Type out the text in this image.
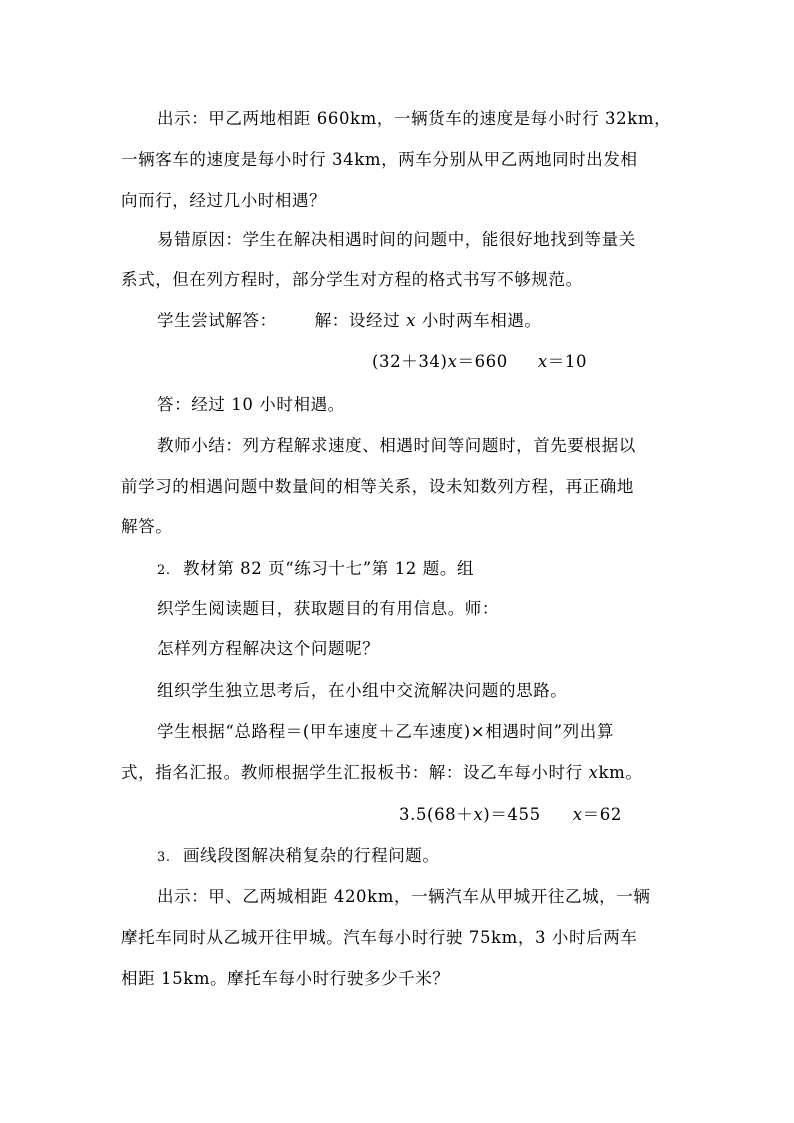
出示：甲乙两地相距 660km，一辆货车的速度是每小时行 32km，
一辆客车的速度是每小时行 34km，两车分别从甲乙两地同时出发相
向而行，经过几小时相遇？
易错原因：学生在解决相遇时间的问题中，能很好地找到等量关
系式，但在列方程时，部分学生对方程的格式书写不够规范。
学生尝试解答： 解：设经过 x 小时两车相遇。
(32＋34)x＝660 x＝10
答：经过 10 小时相遇。
教师小结：列方程解求速度、相遇时间等问题时，首先要根据以
前学习的相遇问题中数量间的相等关系，设未知数列方程，再正确地
解答。
2. 教材第 82 页“练习十七”第 12 题。组
织学生阅读题目，获取题目的有用信息。师：
怎样列方程解决这个问题呢？
组织学生独立思考后，在小组中交流解决问题的思路。
学生根据“总路程＝(甲车速度＋乙车速度)×相遇时间”列出算
式，指名汇报。教师根据学生汇报板书：解：设乙车每小时行 xkm。
3.5(68＋x)＝455 x＝62
3. 画线段图解决稍复杂的行程问题。
出示：甲、乙两城相距 420km，一辆汽车从甲城开往乙城，一辆
摩托车同时从乙城开往甲城。汽车每小时行驶 75km，3 小时后两车
相距 15km。摩托车每小时行驶多少千米？
